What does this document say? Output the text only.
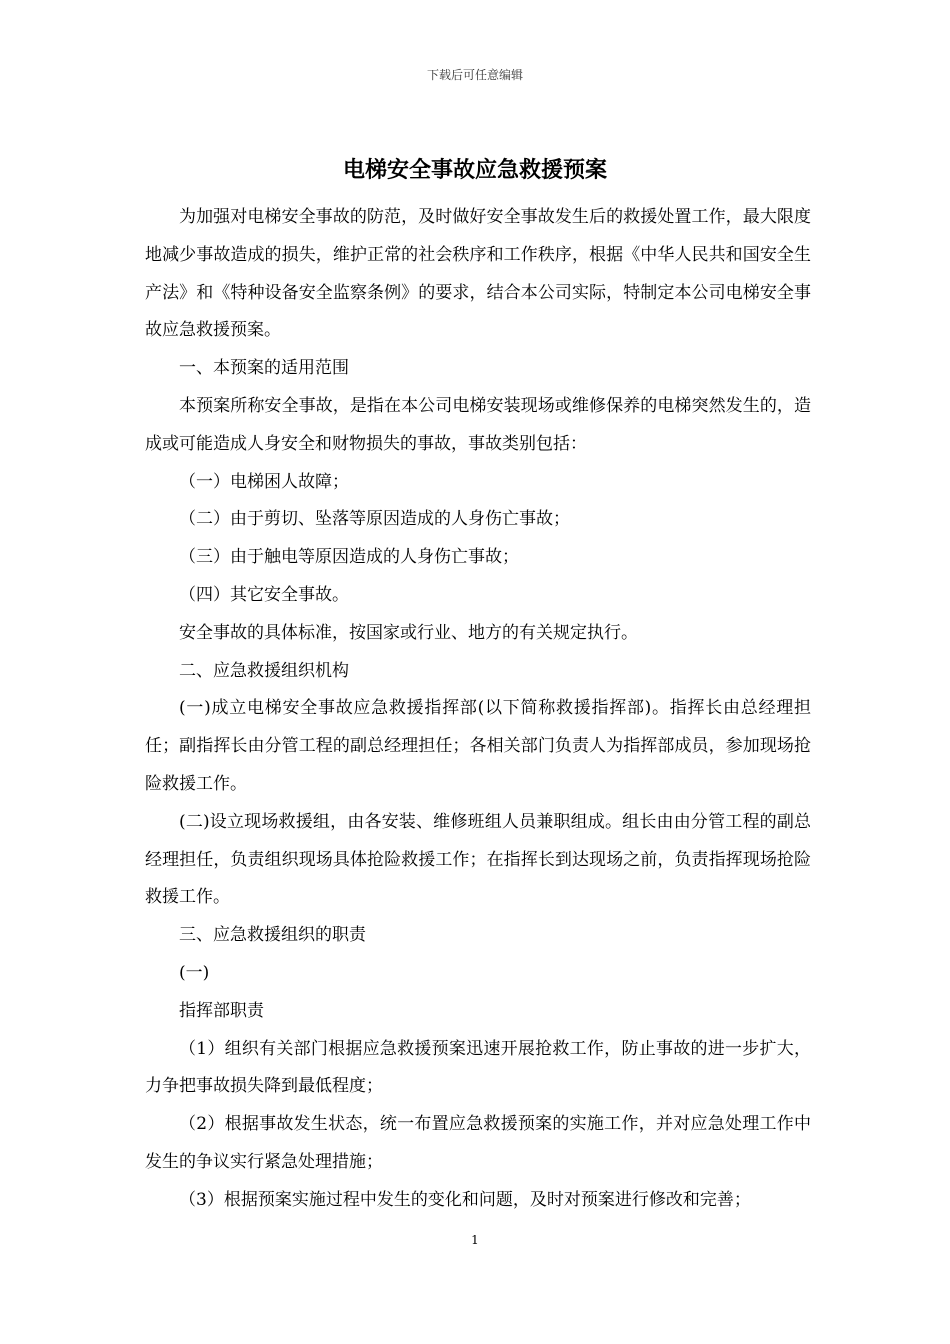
下载后可任意编辑
电梯安全事故应急救援预案

为加强对电梯安全事故的防范，及时做好安全事故发生后的救援处置工作，最大限度地减少事故造成的损失，维护正常的社会秩序和工作秩序，根据《中华人民共和国安全生产法》和《特种设备安全监察条例》的要求，结合本公司实际，特制定本公司电梯安全事故应急救援预案。

一、本预案的适用范围

本预案所称安全事故，是指在本公司电梯安装现场或维修保养的电梯突然发生的，造成或可能造成人身安全和财物损失的事故，事故类别包括：

（一）电梯困人故障；

（二）由于剪切、坠落等原因造成的人身伤亡事故；

（三）由于触电等原因造成的人身伤亡事故；

（四）其它安全事故。

安全事故的具体标准，按国家或行业、地方的有关规定执行。

二、应急救援组织机构

(一)成立电梯安全事故应急救援指挥部(以下简称救援指挥部)。指挥长由总经理担任；副指挥长由分管工程的副总经理担任；各相关部门负责人为指挥部成员，参加现场抢险救援工作。

(二)设立现场救援组，由各安装、维修班组人员兼职组成。组长由由分管工程的副总经理担任，负责组织现场具体抢险救援工作；在指挥长到达现场之前，负责指挥现场抢险救援工作。

三、应急救援组织的职责

(一)

指挥部职责

（1）组织有关部门根据应急救援预案迅速开展抢救工作，防止事故的进一步扩大，力争把事故损失降到最低程度；

（2）根据事故发生状态，统一布置应急救援预案的实施工作，并对应急处理工作中发生的争议实行紧急处理措施；

（3）根据预案实施过程中发生的变化和问题，及时对预案进行修改和完善；

1
